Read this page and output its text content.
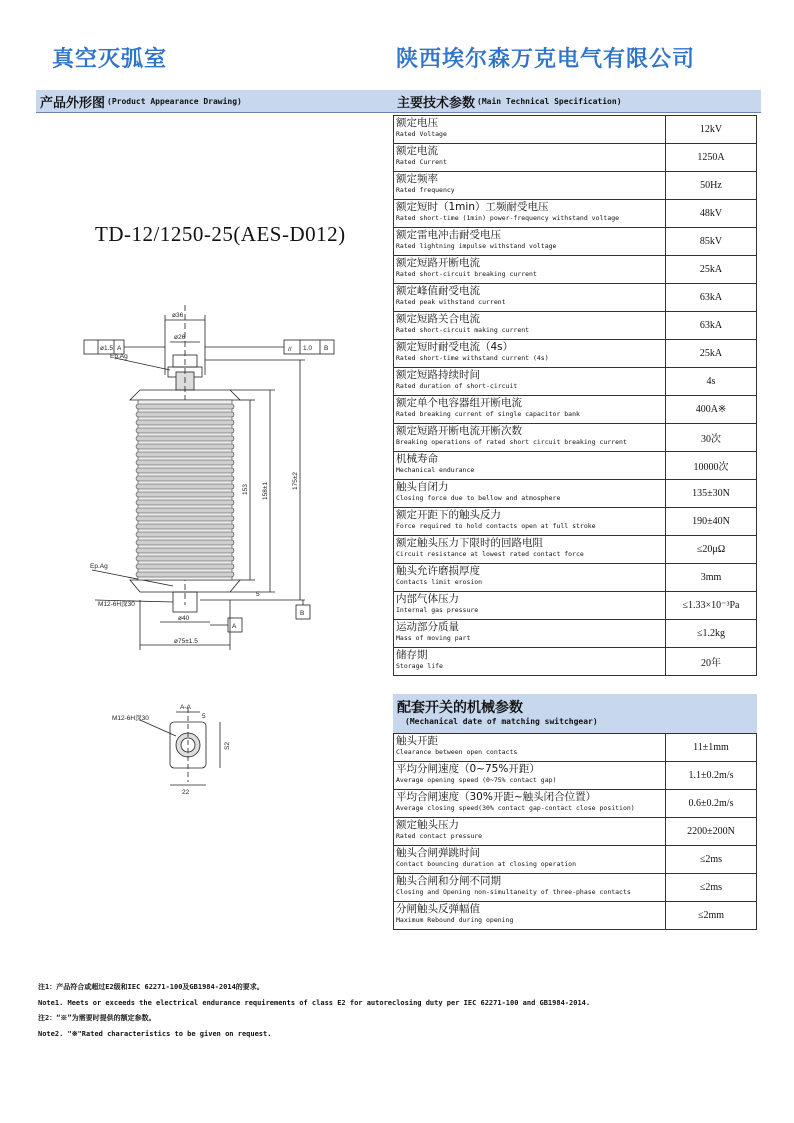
真空灭弧室	陕西埃尔森万克电气有限公司
产品外形图 (Product Appearance Drawing)
TD-12/1250-25(AES-D012)
ø36
ø26
ø1.5 A	// 1.0 B
Ep.Ag
Ep.Ag
153 158±1
175±2
5
M12-6H深30
ø40
ø75±1.5
A
B
A-A
5
M12-6H深30
S2
22
主要技术参数 (Main Technical Specification)
额定电压
Rated Voltage	12kV

额定电流
Rated Current	1250A

额定频率
Rated frequency	50Hz

额定短时（1min）工频耐受电压
Rated short-time (1min) power-frequency withstand voltage	48kV

额定雷电冲击耐受电压
Rated lightning impulse withstand voltage	85kV

额定短路开断电流
Rated short-circuit breaking current	25kA

额定峰值耐受电流
Rated peak withstand current	63kA

额定短路关合电流
Rated short-circuit making current	63kA

额定短时耐受电流（4s）
Rated short-time withstand current (4s)	25kA

额定短路持续时间
Rated duration of short-circuit	4s

额定单个电容器组开断电流
Rated breaking current of single capacitor bank	400A※

额定短路开断电流开断次数
Breaking operations of rated short circuit breaking current	30次

机械寿命
Mechanical endurance	10000次

触头自闭力
Closing force due to bellow and atmosphere	135±30N

额定开距下的触头反力
Force required to hold contacts open at full stroke	190±40N

额定触头压力下限时的回路电阻
Circuit resistance at lowest rated contact force	≤20μΩ

触头允许磨损厚度
Contacts limit erosion	3mm

内部气体压力
Internal gas pressure	≤1.33×10⁻³Pa

运动部分质量
Mass of moving part	≤1.2kg

储存期
Storage life	20年
配套开关的机械参数
(Mechanical date of matching switchgear)
触头开距
Clearance between open contacts	11±1mm

平均分闸速度（0~75%开距）
Average opening speed (0~75% contact gap)	1.1±0.2m/s

平均合闸速度（30%开距~触头闭合位置）
Average closing speed(30% contact gap-contact close position)	0.6±0.2m/s

额定触头压力
Rated contact pressure	2200±200N

触头合闸弹跳时间
Contact bouncing duration at closing operation	≤2ms

触头合闸和分闸不同期
Closing and Opening non-simultaneity of three-phase contacts	≤2ms

分闸触头反弹幅值
Maximum Rebound during opening	≤2mm
注1：产品符合或超过E2级和IEC 62271-100及GB1984-2014的要求。
Note1. Meets or exceeds the electrical endurance requirements of class E2 for autoreclosing duty per IEC 62271-100 and GB1984-2014.
注2：“※”为需要时提供的额定参数。
Note2. "※"Rated characteristics to be given on request.
